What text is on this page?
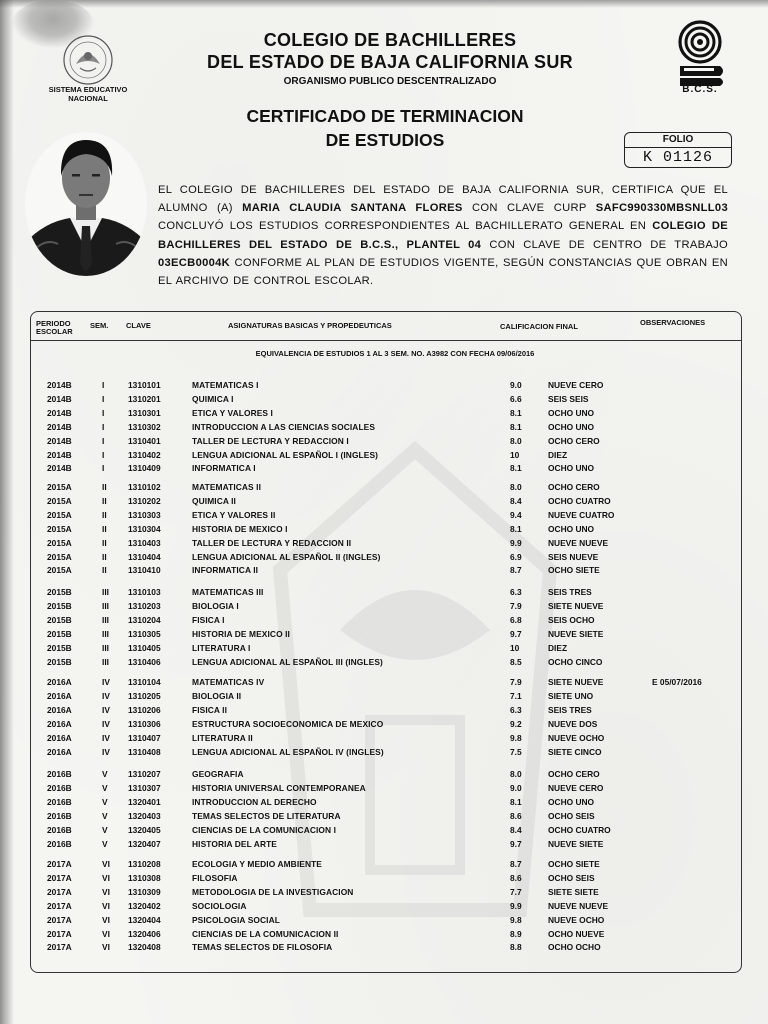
SISTEMA EDUCATIVO NACIONAL
COLEGIO DE BACHILLERES
DEL ESTADO DE BAJA CALIFORNIA SUR
ORGANISMO PUBLICO DESCENTRALIZADO
B.C.S.
CERTIFICADO DE TERMINACION
DE ESTUDIOS	FOLIO
K 01126
EL COLEGIO DE BACHILLERES DEL ESTADO DE BAJA CALIFORNIA SUR, CERTIFICA QUE EL ALUMNO (A) MARIA CLAUDIA SANTANA FLORES CON CLAVE CURP SAFC990330MBSNLL03 CONCLUYÓ LOS ESTUDIOS CORRESPONDIENTES AL BACHILLERATO GENERAL EN COLEGIO DE BACHILLERES DEL ESTADO DE B.C.S., PLANTEL 04 CON CLAVE DE CENTRO DE TRABAJO 03ECB0004K CONFORME AL PLAN DE ESTUDIOS VIGENTE, SEGÚN CONSTANCIAS QUE OBRAN EN EL ARCHIVO DE CONTROL ESCOLAR.
PERIODO ESCOLAR
SEM. CLAVE	ASIGNATURAS BASICAS Y PROPEDEUTICAS	CALIFICACION FINAL	OBSERVACIONES
EQUIVALENCIA DE ESTUDIOS 1 AL 3 SEM. NO. A3982 CON FECHA 09/06/2016
2014B	I	1310101	MATEMATICAS I	9.0	NUEVE CERO
2014B	I	1310201	QUIMICA I	6.6	SEIS SEIS
2014B	I	1310301	ETICA Y VALORES I	8.1	OCHO UNO
2014B	I	1310302	INTRODUCCION A LAS CIENCIAS SOCIALES	8.1	OCHO UNO
2014B	I	1310401	TALLER DE LECTURA Y REDACCION I	8.0	OCHO CERO
2014B	I	1310402	LENGUA ADICIONAL AL ESPAÑOL I (INGLES)	10	DIEZ
2014B	I	1310409	INFORMATICA I	8.1	OCHO UNO
2015A	II	1310102	MATEMATICAS II	8.0	OCHO CERO
2015A	II	1310202	QUIMICA II	8.4	OCHO CUATRO
2015A	II	1310303	ETICA Y VALORES II	9.4	NUEVE CUATRO
2015A	II	1310304	HISTORIA DE MEXICO I	8.1	OCHO UNO
2015A	II	1310403	TALLER DE LECTURA Y REDACCION II	9.9	NUEVE NUEVE
2015A	II	1310404	LENGUA ADICIONAL AL ESPAÑOL II (INGLES)	6.9	SEIS NUEVE
2015A	II	1310410	INFORMATICA II	8.7	OCHO SIETE
2015B	III 1310103	MATEMATICAS III	6.3	SEIS TRES
2015B	III 1310203	BIOLOGIA I	7.9	SIETE NUEVE
2015B	III 1310204	FISICA I	6.8	SEIS OCHO
2015B	III 1310305	HISTORIA DE MEXICO II	9.7	NUEVE SIETE
2015B	III 1310405	LITERATURA I	10	DIEZ
2015B	III 1310406	LENGUA ADICIONAL AL ESPAÑOL III (INGLES)	8.5	OCHO CINCO
2016A	IV 1310104	MATEMATICAS IV	7.9	SIETE NUEVE	E 05/07/2016
2016A	IV 1310205	BIOLOGIA II	7.1	SIETE UNO
2016A	IV 1310206	FISICA II	6.3	SEIS TRES
2016A	IV 1310306	ESTRUCTURA SOCIOECONOMICA DE MEXICO	9.2	NUEVE DOS
2016A	IV 1310407	LITERATURA II	9.8	NUEVE OCHO
2016A	IV 1310408	LENGUA ADICIONAL AL ESPAÑOL IV (INGLES)	7.5	SIETE CINCO
2016B	V 1310207	GEOGRAFIA	8.0	OCHO CERO
2016B	V 1310307	HISTORIA UNIVERSAL CONTEMPORANEA	9.0	NUEVE CERO
2016B	V 1320401	INTRODUCCION AL DERECHO	8.1	OCHO UNO
2016B	V 1320403	TEMAS SELECTOS DE LITERATURA	8.6	OCHO SEIS
2016B	V 1320405	CIENCIAS DE LA COMUNICACION I	8.4	OCHO CUATRO
2016B	V 1320407	HISTORIA DEL ARTE	9.7	NUEVE SIETE
2017A	VI 1310208	ECOLOGIA Y MEDIO AMBIENTE	8.7	OCHO SIETE
2017A	VI 1310308	FILOSOFIA	8.6	OCHO SEIS
2017A	VI 1310309	METODOLOGIA DE LA INVESTIGACION	7.7	SIETE SIETE
2017A	VI 1320402	SOCIOLOGIA	9.9	NUEVE NUEVE
2017A	VI 1320404	PSICOLOGIA SOCIAL	9.8	NUEVE OCHO
2017A	VI 1320406	CIENCIAS DE LA COMUNICACION II	8.9	OCHO NUEVE
2017A	VI 1320408	TEMAS SELECTOS DE FILOSOFIA	8.8	OCHO OCHO
